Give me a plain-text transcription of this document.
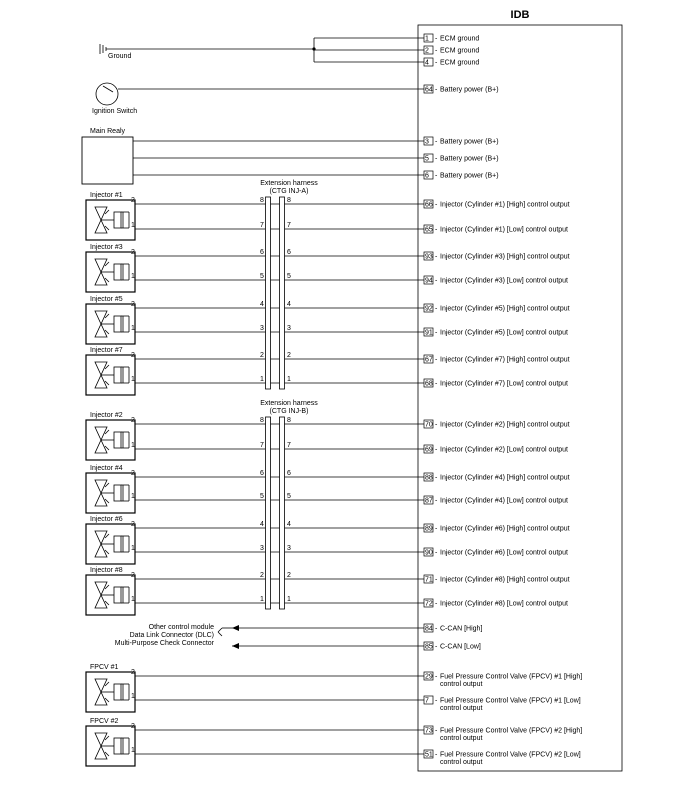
IDB
Ground
1 - ECM ground
2 - ECM ground
4 - ECM ground
Ignition Switch
64 - Battery power (B+)
Main Realy
3 - Battery power (B+)
5 - Battery power (B+)
6 - Battery power (B+)
Extension harness
(CTG INJ-A)
Extension harness
(CTG INJ-B)
Injector #1
2
1
8	8
7	7
66 - Injector (Cylinder #1) [High] control output
65 - Injector (Cylinder #1) [Low] control output
Injector #3
2
1
6	6
5	5
93 - Injector (Cylinder #3) [High] control output
94 - Injector (Cylinder #3) [Low] control output
Injector #5
2
1
4	4
3	3
92 - Injector (Cylinder #5) [High] control output
91 - Injector (Cylinder #5) [Low] control output
Injector #7
2
1
2	2
1	1
67 - Injector (Cylinder #7) [High] control output
68 - Injector (Cylinder #7) [Low] control output
Injector #2
2
1
8	8
7	7
70 - Injector (Cylinder #2) [High] control output
69 - Injector (Cylinder #2) [Low] control output
Injector #4
2
1
6	6
5	5
88 - Injector (Cylinder #4) [High] control output
87 - Injector (Cylinder #4) [Low] control output
Injector #6
2
1
4	4
3	3
89 - Injector (Cylinder #6) [High] control output
90 - Injector (Cylinder #6) [Low] control output
Injector #8
2
1
2	2
1	1
71 - Injector (Cylinder #8) [High] control output
72 - Injector (Cylinder #8) [Low] control output
Other control module
Data Link Connector (DLC)
Multi-Purpose Check Connector
84 - C-CAN [High]
85 - C-CAN [Low]
FPCV #1
2
1
29 - Fuel Pressure Control Valve (FPCV) #1 [High]
control output
7 - Fuel Pressure Control Valve (FPCV) #1 [Low]
control output
FPCV #2
2
1
73 - Fuel Pressure Control Valve (FPCV) #2 [High]
control output
51 - Fuel Pressure Control Valve (FPCV) #2 [Low]
control output
